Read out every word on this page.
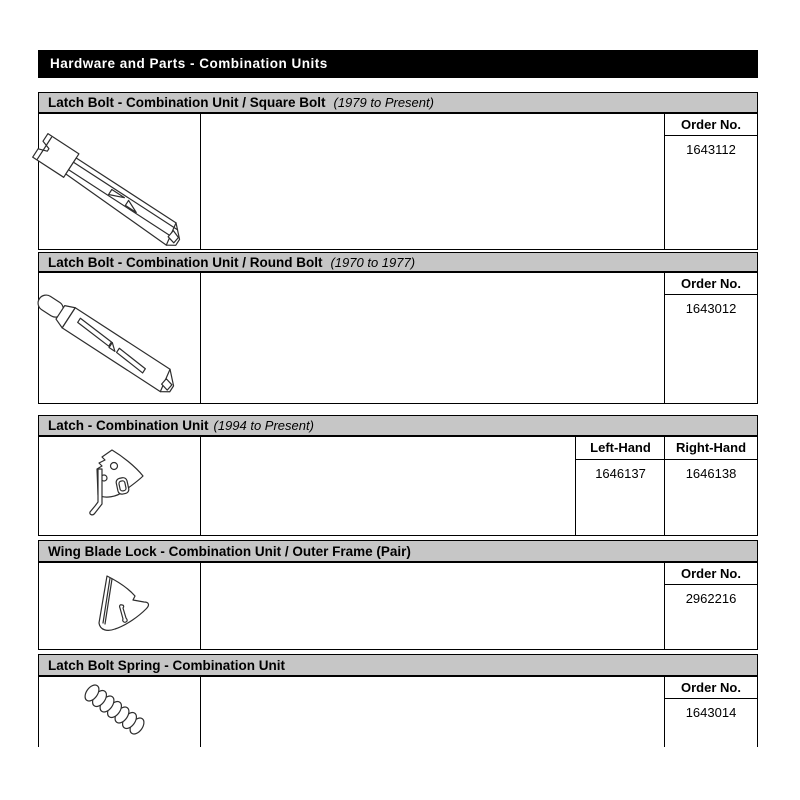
Hardware and Parts - Combination Units
Latch Bolt - Combination Unit / Square Bolt (1979 to Present)
Order No.
1643112
Latch Bolt - Combination Unit / Round Bolt (1970 to 1977)
Order No.
1643012
Latch - Combination Unit (1994 to Present)
Left-Hand
1646137
Right-Hand
1646138
Wing Blade Lock - Combination Unit / Outer Frame (Pair)
Order No.
2962216
Latch Bolt Spring - Combination Unit
Order No.
1643014
